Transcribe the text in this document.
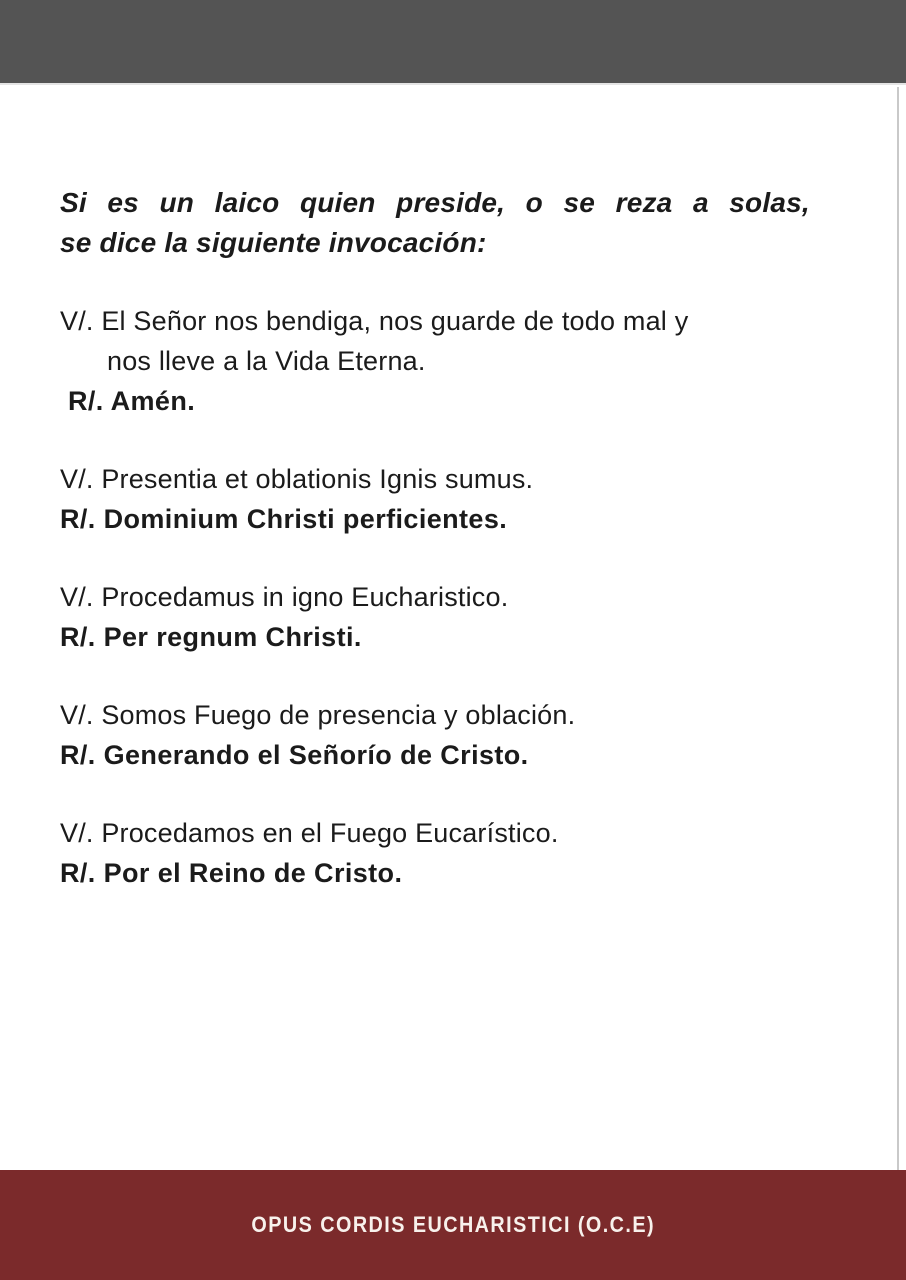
Si es un laico quien preside, o se reza a solas,
se dice la siguiente invocación:

V/. El Señor nos bendiga, nos guarde de todo mal y
nos lleve a la Vida Eterna.
R/. Amén.
V/. Presentia et oblationis Ignis sumus.
R/. Dominium Christi perficientes.
V/. Procedamus in igno Eucharistico.
R/. Per regnum Christi.
V/. Somos Fuego de presencia y oblación.
R/. Generando el Señorío de Cristo.
V/. Procedamos en el Fuego Eucarístico.
R/. Por el Reino de Cristo.
OPUS CORDIS EUCHARISTICI (O.C.E)
